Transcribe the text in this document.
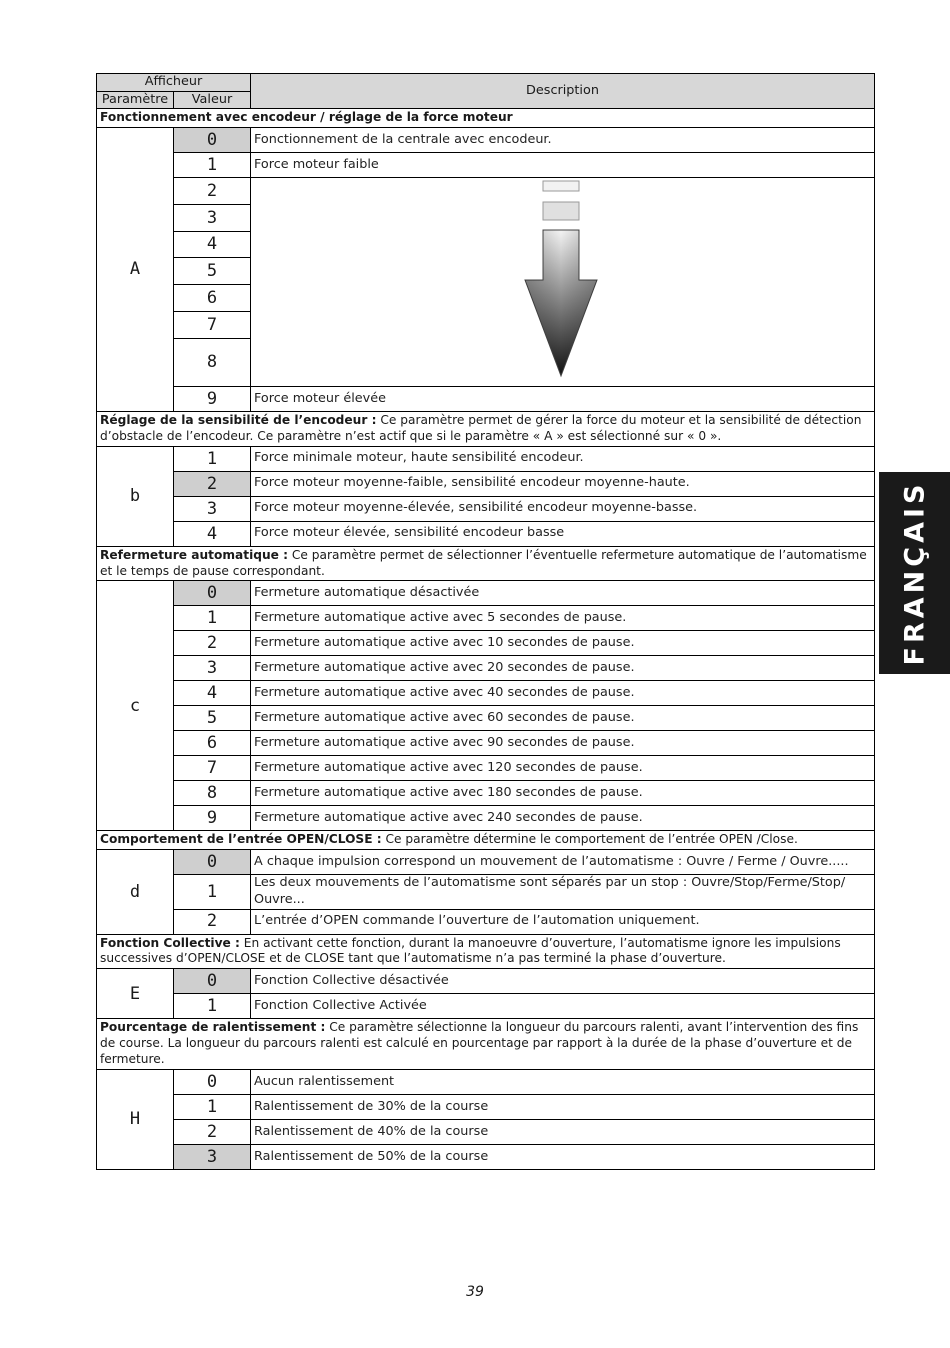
Afficheur		Description
Paramètre	Valeur	
Fonctionnement avec encodeur / réglage de la force moteur		
A	0	Fonctionnement de la centrale avec encodeur.
	1	Force moteur faible
	2	
	3	
	4	
	5	
	6	
	7	
	8	
	9	Force moteur élevée
Réglage de la sensibilité de l’encodeur : Ce paramètre permet de gérer la force du moteur et la sensibilité de détection d’obstacle de l’encodeur. Ce paramètre n’est actif que si le paramètre « A » est sélectionné sur « 0 ».		
b	1	Force minimale moteur, haute sensibilité encodeur.
	2	Force moteur moyenne-faible, sensibilité encodeur moyenne-haute.
	3	Force moteur moyenne-élevée, sensibilité encodeur moyenne-basse.
	4	Force moteur élevée, sensibilité encodeur basse
Refermeture automatique : Ce paramètre permet de sélectionner l’éventuelle refermeture automatique de l’automatisme et le temps de pause correspondant.		
c	0	Fermeture automatique désactivée
	1	Fermeture automatique active avec 5 secondes de pause.
	2	Fermeture automatique active avec 10 secondes de pause.
	3	Fermeture automatique active avec 20 secondes de pause.
	4	Fermeture automatique active avec 40 secondes de pause.
	5	Fermeture automatique active avec 60 secondes de pause.
	6	Fermeture automatique active avec 90 secondes de pause.
	7	Fermeture automatique active avec 120 secondes de pause.
	8	Fermeture automatique active avec 180 secondes de pause.
	9	Fermeture automatique active avec 240 secondes de pause.
Comportement de l’entrée OPEN/CLOSE : Ce paramètre détermine le comportement de l’entrée OPEN /Close.		
d	0	A chaque impulsion correspond un mouvement de l’automatisme : Ouvre / Ferme / Ouvre.....
	1	Les deux mouvements de l’automatisme sont séparés par un stop : Ouvre/Stop/Ferme/Stop/ Ouvre...
	2	L’entrée d’OPEN commande l’ouverture de l’automation uniquement.
Fonction Collective : En activant cette fonction, durant la manoeuvre d’ouverture, l’automatisme ignore les impulsions successives d’OPEN/CLOSE et de CLOSE tant que l’automatisme n’a pas terminé la phase d’ouverture.		
E	0	Fonction Collective désactivée
	1	Fonction Collective Activée
Pourcentage de ralentissement : Ce paramètre sélectionne la longueur du parcours ralenti, avant l’intervention des fins de course. La longueur du parcours ralenti est calculé en pourcentage par rapport à la durée de la phase d’ouverture et de fermeture.		
H	0	Aucun ralentissement
	1	Ralentissement de 30% de la course
	2	Ralentissement de 40% de la course
	3	Ralentissement de 50% de la course
FRANÇAIS
39
